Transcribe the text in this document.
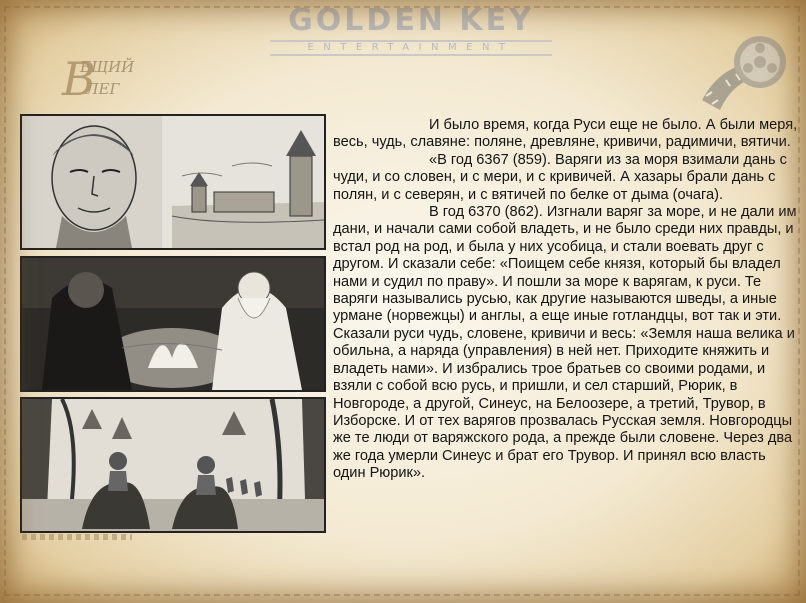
GOLDEN KEY
ENTERTAINMENT
В
ЕЩИЙ
ЛЕГ

И было время, когда Руси еще не было. А были меря, весь, чудь, славяне: поляне, древляне, кривичи, радимичи, вятичи.

«В год 6367 (859). Варяги из за моря взимали дань с чуди, и со словен, и с мери, и с кривичей. А хазары брали дань с полян, и с северян, и с вятичей по белке от дыма (очага).

В год 6370 (862). Изгнали варяг за море, и не дали им дани, и начали сами собой владеть, и не было среди них правды, и встал род на род, и была у них усобица, и стали воевать друг с другом. И сказали себе: «Поищем себе князя, который бы владел нами и судил по праву». И пошли за море к варягам, к руси. Те варяги назывались русью, как другие называются шведы, а иные урмане (норвежцы) и англы, а еще иные готландцы, вот так и эти. Сказали руси чудь, словене, кривичи и весь: «Земля наша велика и обильна, а наряда (управления) в ней нет. Приходите княжить и владеть нами». И избрались трое братьев со своими родами, и взяли с собой всю русь, и пришли, и сел старший, Рюрик, в Новгороде, а другой, Синеус, на Белоозере, а третий, Трувор, в Изборске. И от тех варягов прозвалась Русская земля. Новгородцы же те люди от варяжского рода, а прежде были словене. Через два же года умерли Синеус и брат его Трувор. И принял всю власть один Рюрик».
